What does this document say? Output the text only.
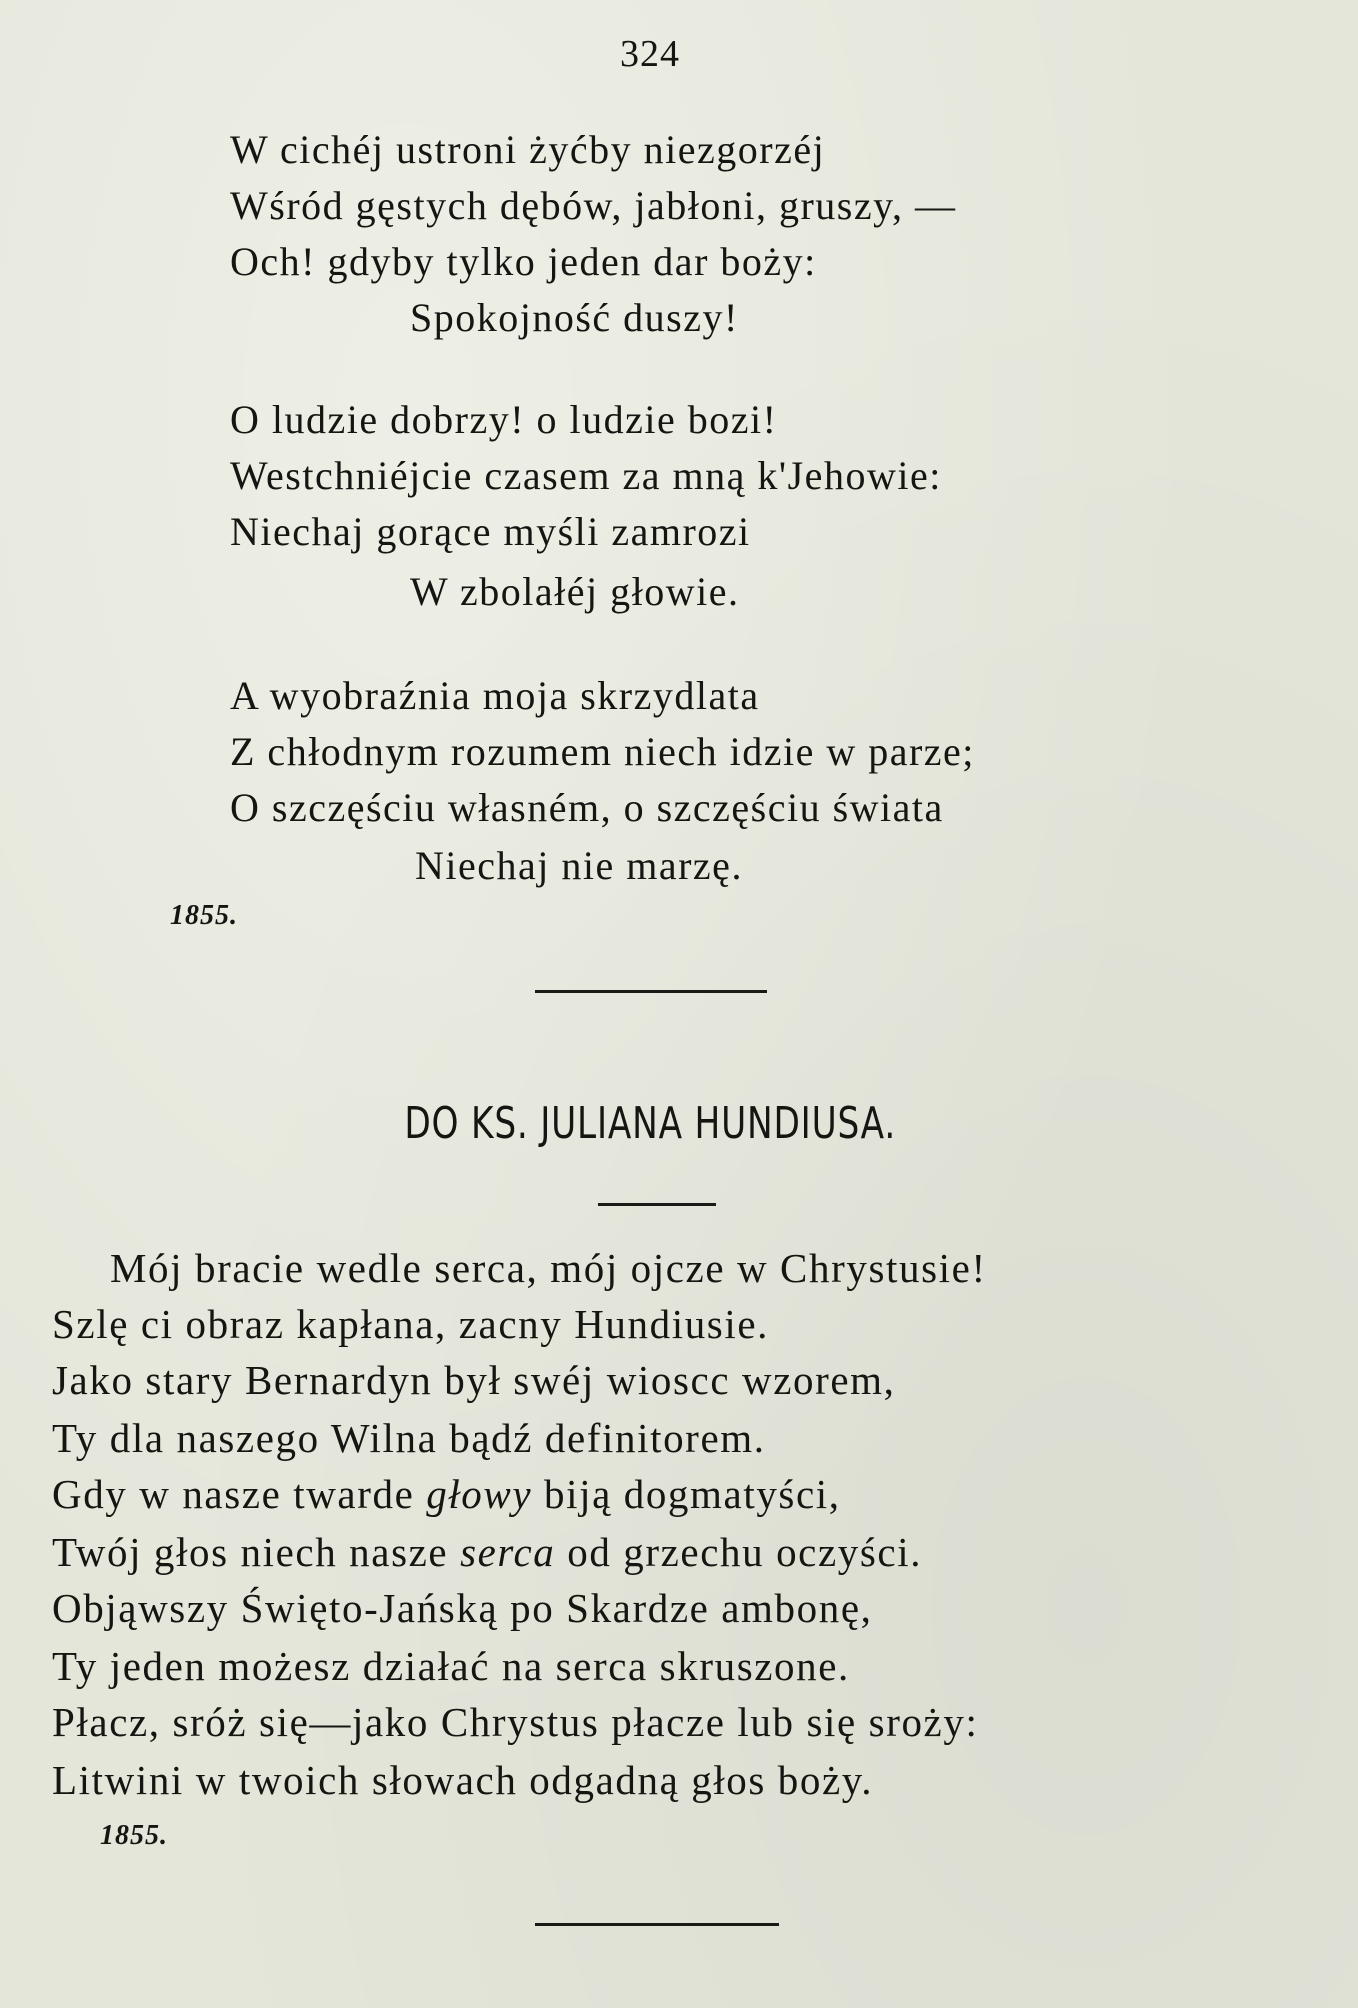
324
W cichéj ustroni żyćby niezgorzéj
Wśród gęstych dębów, jabłoni, gruszy, —
Och! gdyby tylko jeden dar boży:
Spokojność duszy!
O ludzie dobrzy! o ludzie bozi!
Westchniéjcie czasem za mną k'Jehowie:
Niechaj gorące myśli zamrozi
W zbolałéj głowie.
A wyobraźnia moja skrzydlata
Z chłodnym rozumem niech idzie w parze;
O szczęściu własném, o szczęściu świata
Niechaj nie marzę.
1855.
DO KS. JULIANA HUNDIUSA.
Mój bracie wedle serca, mój ojcze w Chrystusie!
Szlę ci obraz kapłana, zacny Hundiusie.
Jako stary Bernardyn był swéj wioscc wzorem,
Ty dla naszego Wilna bądź definitorem.
Gdy w nasze twarde głowy biją dogmatyści,
Twój głos niech nasze serca od grzechu oczyści.
Objąwszy Święto-Jańską po Skardze ambonę,
Ty jeden możesz działać na serca skruszone.
Płacz, sróż się—jako Chrystus płacze lub się sroży:
Litwini w twoich słowach odgadną głos boży.
1855.
